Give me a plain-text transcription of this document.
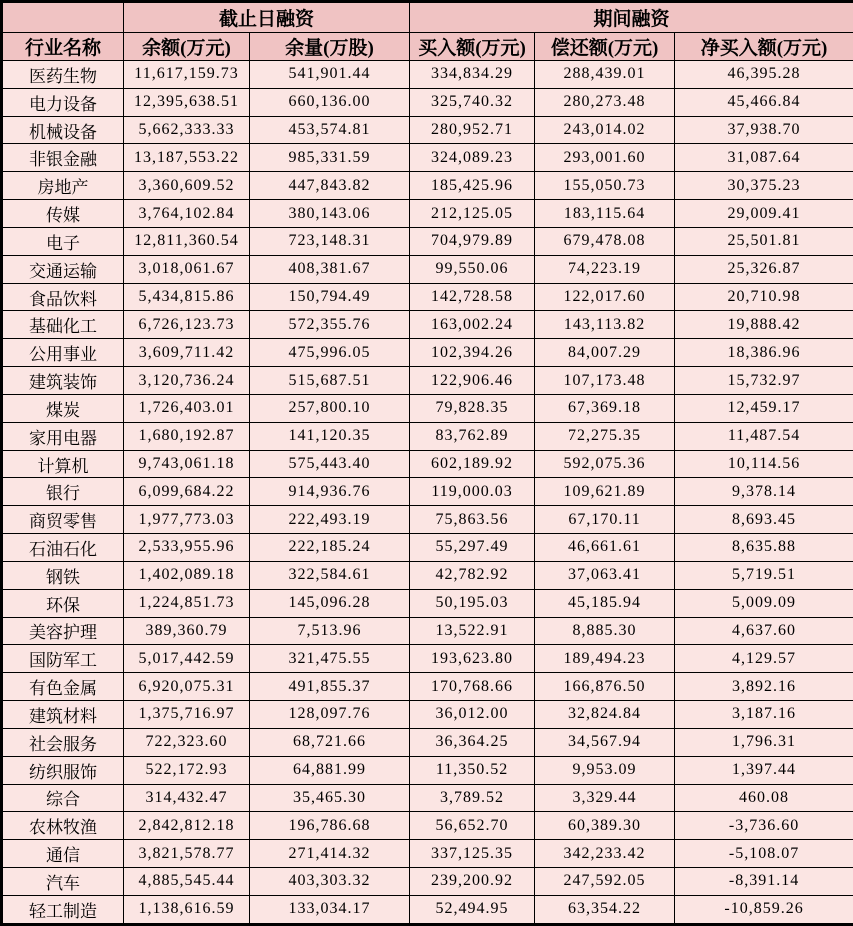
	截止日融资		期间融资		
行业名称	余额(万元)	余量(万股)	买入额(万元)	偿还额(万元)	净买入额(万元)
医药生物	11,617,159.73	541,901.44	334,834.29	288,439.01	46,395.28
电力设备	12,395,638.51	660,136.00	325,740.32	280,273.48	45,466.84
机械设备	5,662,333.33	453,574.81	280,952.71	243,014.02	37,938.70
非银金融	13,187,553.22	985,331.59	324,089.23	293,001.60	31,087.64
房地产	3,360,609.52	447,843.82	185,425.96	155,050.73	30,375.23
传媒	3,764,102.84	380,143.06	212,125.05	183,115.64	29,009.41
电子	12,811,360.54	723,148.31	704,979.89	679,478.08	25,501.81
交通运输	3,018,061.67	408,381.67	99,550.06	74,223.19	25,326.87
食品饮料	5,434,815.86	150,794.49	142,728.58	122,017.60	20,710.98
基础化工	6,726,123.73	572,355.76	163,002.24	143,113.82	19,888.42
公用事业	3,609,711.42	475,996.05	102,394.26	84,007.29	18,386.96
建筑装饰	3,120,736.24	515,687.51	122,906.46	107,173.48	15,732.97
煤炭	1,726,403.01	257,800.10	79,828.35	67,369.18	12,459.17
家用电器	1,680,192.87	141,120.35	83,762.89	72,275.35	11,487.54
计算机	9,743,061.18	575,443.40	602,189.92	592,075.36	10,114.56
银行	6,099,684.22	914,936.76	119,000.03	109,621.89	9,378.14
商贸零售	1,977,773.03	222,493.19	75,863.56	67,170.11	8,693.45
石油石化	2,533,955.96	222,185.24	55,297.49	46,661.61	8,635.88
钢铁	1,402,089.18	322,584.61	42,782.92	37,063.41	5,719.51
环保	1,224,851.73	145,096.28	50,195.03	45,185.94	5,009.09
美容护理	389,360.79	7,513.96	13,522.91	8,885.30	4,637.60
国防军工	5,017,442.59	321,475.55	193,623.80	189,494.23	4,129.57
有色金属	6,920,075.31	491,855.37	170,768.66	166,876.50	3,892.16
建筑材料	1,375,716.97	128,097.76	36,012.00	32,824.84	3,187.16
社会服务	722,323.60	68,721.66	36,364.25	34,567.94	1,796.31
纺织服饰	522,172.93	64,881.99	11,350.52	9,953.09	1,397.44
综合	314,432.47	35,465.30	3,789.52	3,329.44	460.08
农林牧渔	2,842,812.18	196,786.68	56,652.70	60,389.30	-3,736.60
通信	3,821,578.77	271,414.32	337,125.35	342,233.42	-5,108.07
汽车	4,885,545.44	403,303.32	239,200.92	247,592.05	-8,391.14
轻工制造	1,138,616.59	133,034.17	52,494.95	63,354.22	-10,859.26
